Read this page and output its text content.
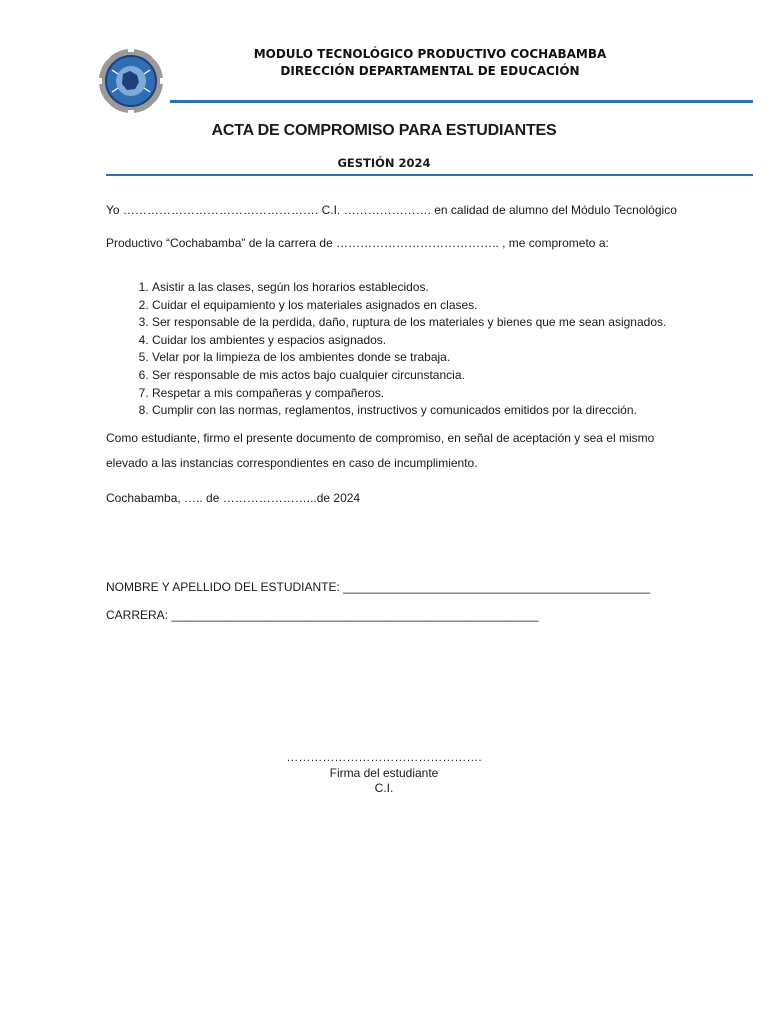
MODULO TECNOLÓGICO PRODUCTIVO COCHABAMBA
DIRECCIÓN DEPARTAMENTAL DE EDUCACIÓN
ACTA DE COMPROMISO PARA ESTUDIANTES
GESTIÓN 2024
Yo …………………………………………. C.I. …………………. en calidad de alumno del Módulo Tecnológico
Productivo “Cochabamba” de la carrera de ………………………………….. , me comprometo a:
1. Asistir a las clases, según los horarios establecidos.
2. Cuidar el equipamiento y los materiales asignados en clases.
3. Ser responsable de la perdida, daño, ruptura de los materiales y bienes que me sean asignados.
4. Cuidar los ambientes y espacios asignados.
5. Velar por la limpieza de los ambientes donde se trabaja.
6. Ser responsable de mis actos bajo cualquier circunstancia.
7. Respetar a mis compañeras y compañeros.
8. Cumplir con las normas, reglamentos, instructivos y comunicados emitidos por la dirección.
Como estudiante, firmo el presente documento de compromiso, en señal de aceptación y sea el mismo
elevado a las instancias correspondientes en caso de incumplimiento.
Cochabamba, ….. de …………………...de 2024
NOMBRE Y APELLIDO DEL ESTUDIANTE: ______________________________________________
CARRERA: _______________________________________________________
………………………………………….
Firma del estudiante
C.I.
